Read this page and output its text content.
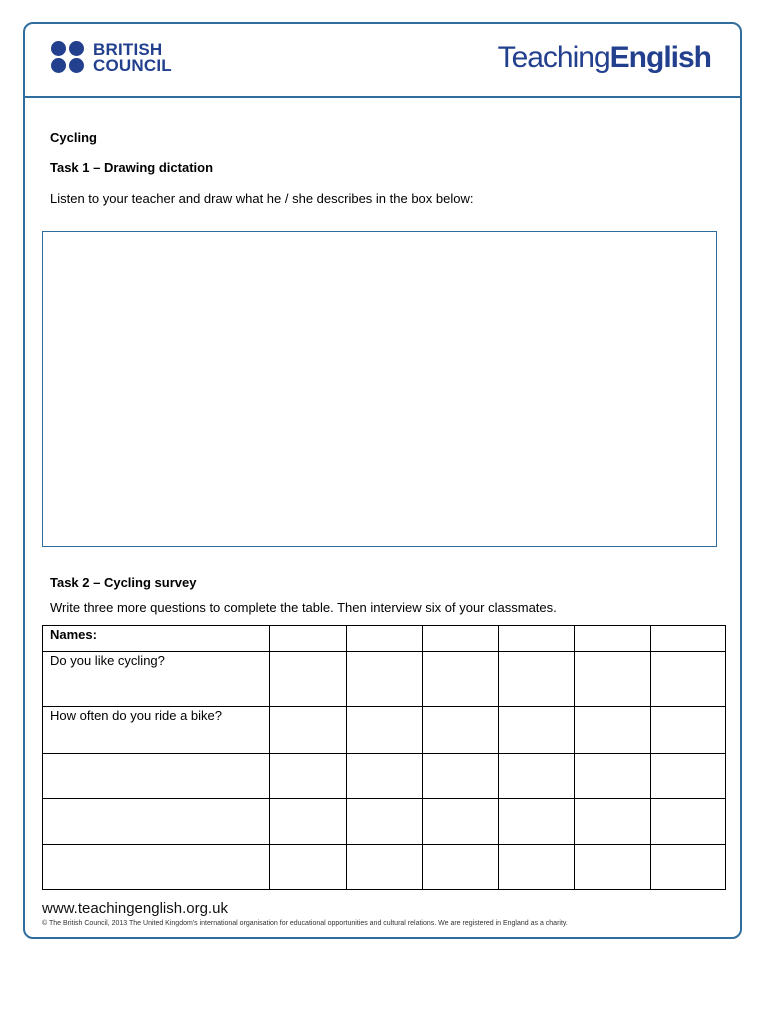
BRITISH
COUNCIL	TeachingEnglish
Cycling
Task 1 – Drawing dictation
Listen to your teacher and draw what he / she describes in the box below:
Task 2 – Cycling survey
Write three more questions to complete the table. Then interview six of your classmates.
Names:						
Do you like cycling?						
How often do you ride a bike?						

www.teachingenglish.org.uk
© The British Council, 2013 The United Kingdom's international organisation for educational opportunities and cultural relations. We are registered in England as a charity.
